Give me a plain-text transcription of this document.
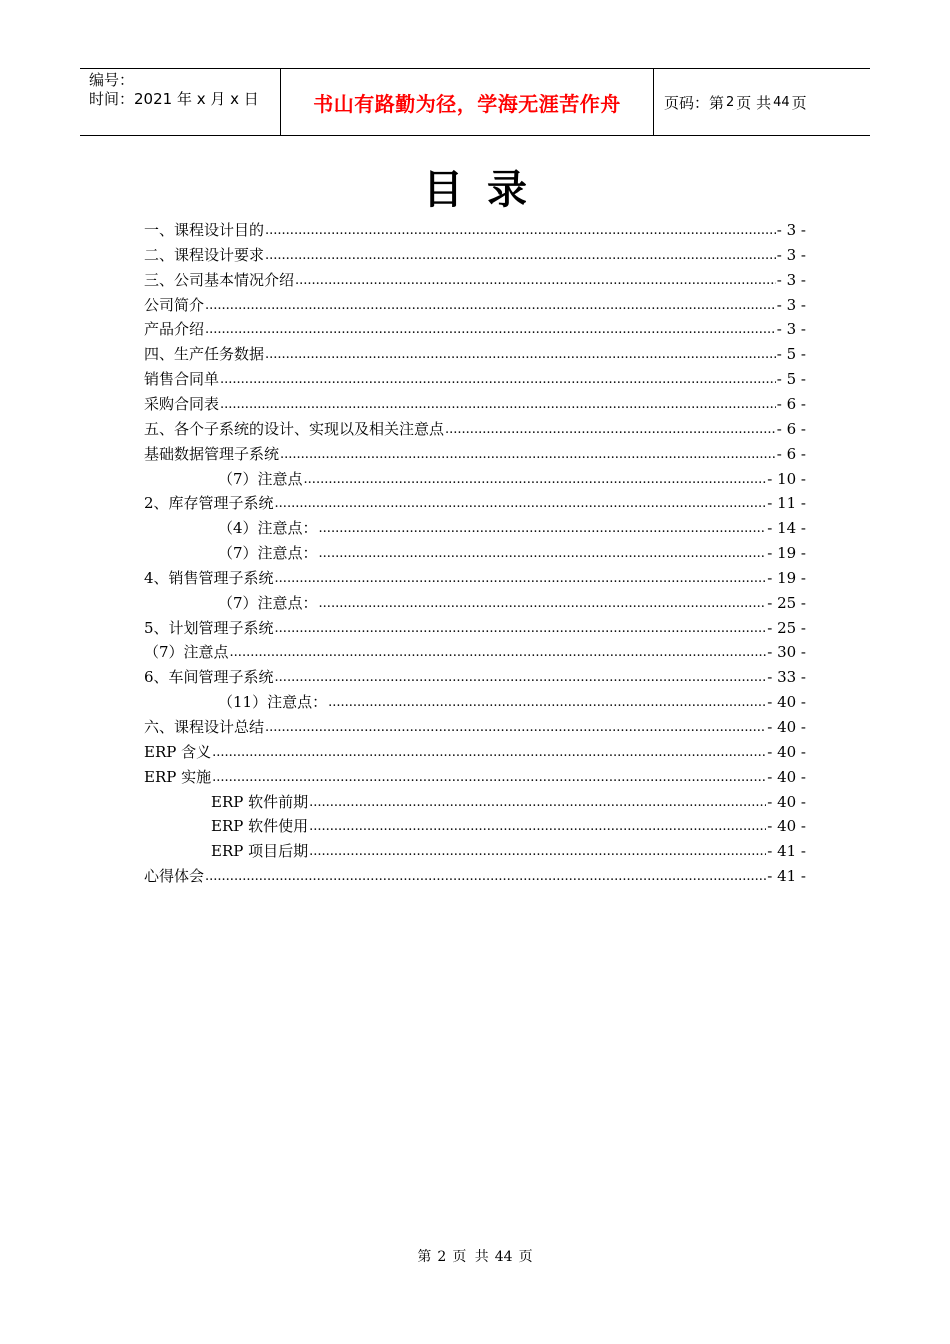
编号：
时间：2021 年 x 月 x 日	书山有路勤为径，学海无涯苦作舟	页码：第 2 页 共 44 页
目录
一、课程设计目的 .....	- 3 -
二、课程设计要求 .....	- 3 -
三、公司基本情况介绍 .....	- 3 -
公司简介 .....	- 3 -
产品介绍 .....	- 3 -
四、生产任务数据 .....	- 5 -
销售合同单 .....	- 5 -
采购合同表 .....	- 6 -
五、各个子系统的设计、实现以及相关注意点 .....	- 6 -
基础数据管理子系统 .....	- 6 -
（7）注意点 .....	- 10 -
2、库存管理子系统 .....	- 11 -
（4）注意点： .....	- 14 -
（7）注意点： .....	- 19 -
4、销售管理子系统 .....	- 19 -
（7）注意点： .....	- 25 -
5、计划管理子系统 .....	- 25 -
（7）注意点 .....	- 30 -
6、车间管理子系统 .....	- 33 -
（11）注意点： .....	- 40 -
六、课程设计总结 .....	- 40 -
ERP 含义 .....	- 40 -
ERP 实施 .....	- 40 -
ERP 软件前期 .....	- 40 -
ERP 软件使用 .....	- 40 -
ERP 项目后期 .....	- 41 -
心得体会 .....	- 41 -
第 2 页 共 44 页
